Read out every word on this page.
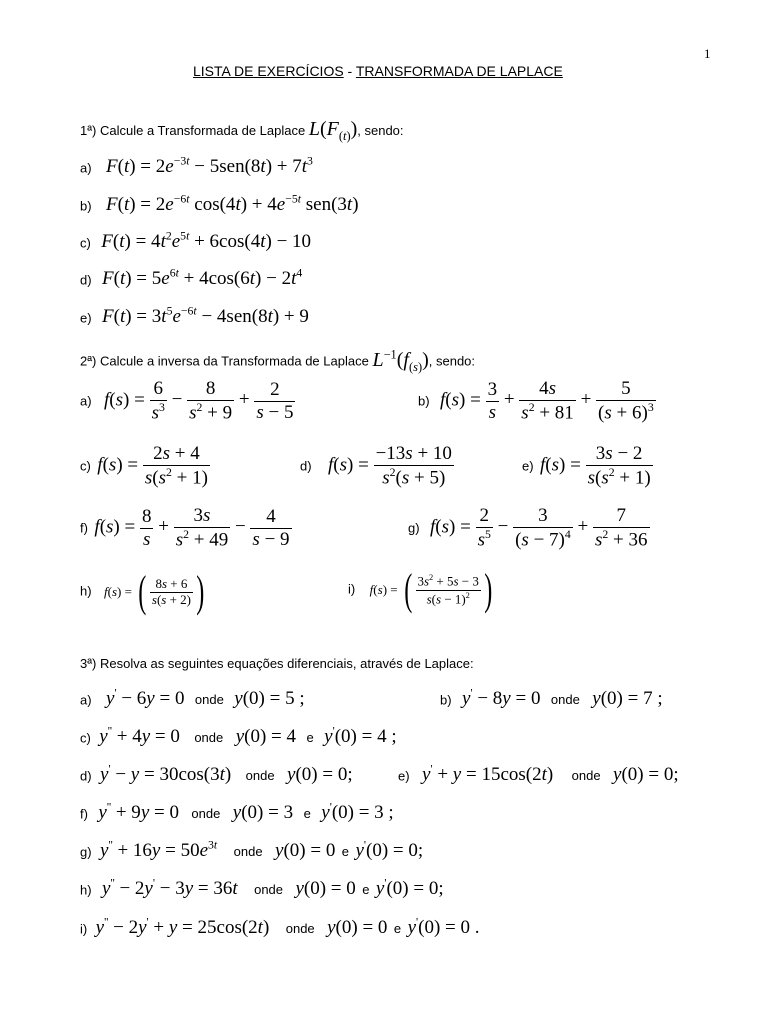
1
LISTA DE EXERCÍCIOS - TRANSFORMADA DE LAPLACE
1ª) Calcule a Transformada de Laplace $L(F_{(t)})$, sendo:
a) $F(t) = 2e^{-3t} - 5sen(8t) + 7t^3$
b) $F(t) = 2e^{-6t}$ $\cos(4t) + 4e^{-5t}$ sen(3t)
c) $F(t) = 4t^2e^{5t} + 6\cos(4t) - 10$
d) $F(t) = 5e^{6t} + 4\cos(6t) - 2t^4$
e) $F(t) = 3t^5e^{-6t} - 4sen(8t) + 9$
2ª) Calcule a inversa da Transformada de Laplace $L^{-1}(f_{(s)})$, sendo:
a) $f(s) = \frac{6}{s^3} - \frac{8}{s^2 + 9} + \frac{2}{s - 5}$	b) $f(s) = \frac{3}{s} + \frac{4s}{s^2 + 81} + \frac{5}{(s + 6)^3}$
c) $f(s) = \frac{2s + 4}{s(s^2 + 1)}$	d) $f(s) = \frac{-13s + 10}{s^2(s + 5)}$	e) $f(s) = \frac{3s - 2}{s(s^2 + 1)}$
f) $f(s) = \frac{8}{s} + \frac{3s}{s^2 + 49} - \frac{4}{s - 9}$	g) $f(s) = \frac{2}{s^5} - \frac{3}{(s - 7)^4} + \frac{7}{s^2 + 36}$
h) f(s) = ( $\frac{8s + 6}{s(s + 2)}$ )	i) f(s) = ( $\frac{3s^2 + 5s - 3}{s(s - 1)^2}$ )
3ª) Resolva as seguintes equações diferenciais, através de Laplace:
a) y' − 6y = 0 onde y(0) = 5 ;	b) y' − 8y = 0 onde y(0) = 7 ;
c) y'' + 4y = 0 onde y(0) = 4 e y'(0) = 4 ;
d) y' − y = 30cos(3t) onde y(0) = 0;	e) y' + y = 15cos(2t) onde y(0) = 0;
f) y'' + 9y = 0 onde y(0) = 3 e y'(0) = 3 ;
g) $y'' + 16y = 50e^{3t}$ onde y(0) = 0 e y'(0) = 0;
h) y'' − 2y' − 3y = 36t onde y(0) = 0 e y'(0) = 0;
i) y'' − 2y' + y = 25cos(2t) onde y(0) = 0 e y'(0) = 0 .
